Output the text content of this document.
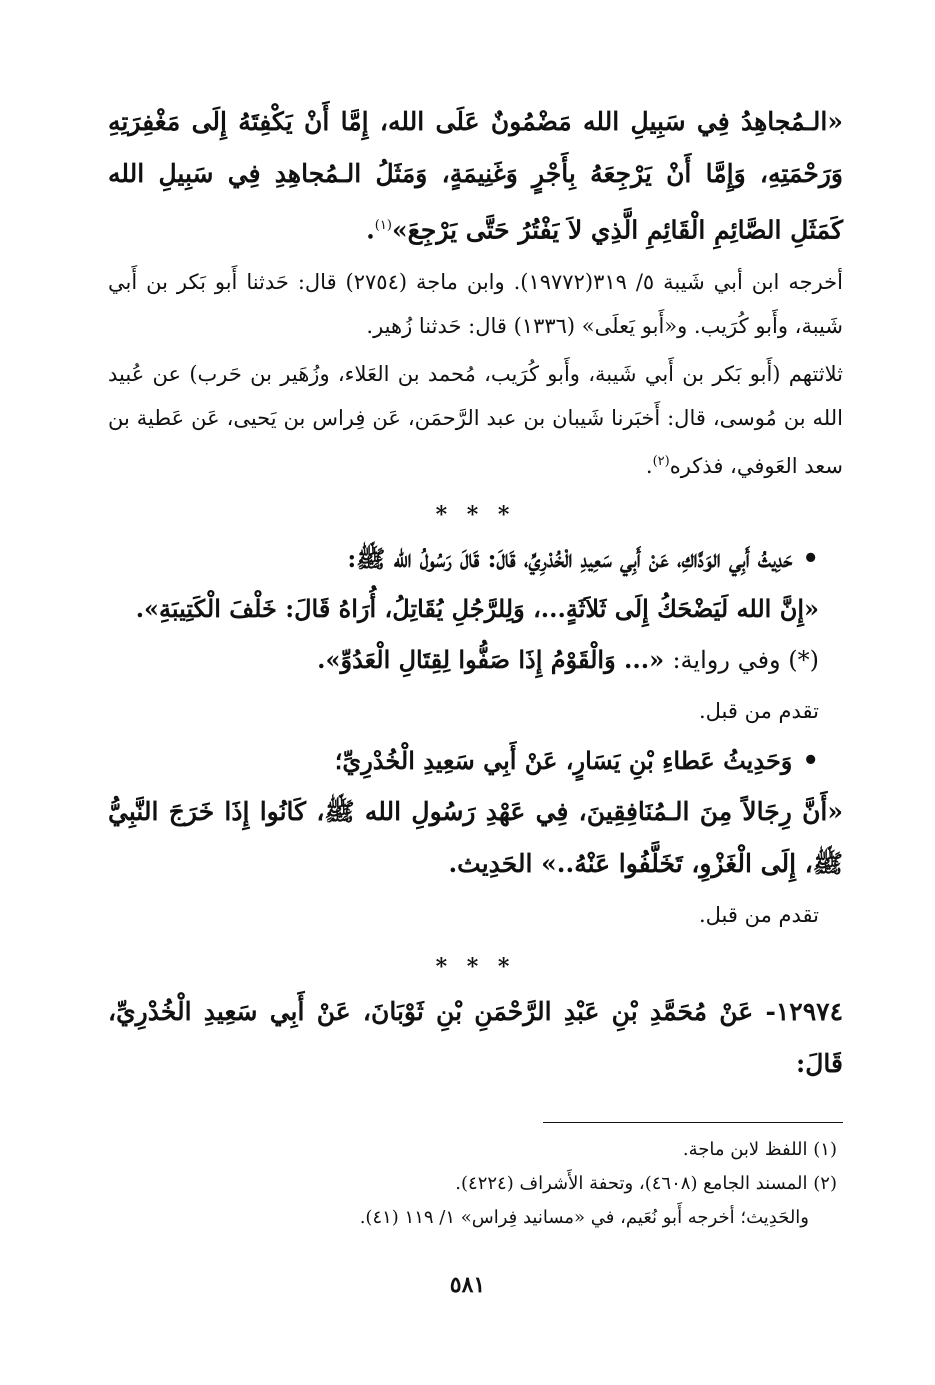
«الـمُجاهِدُ فِي سَبِيلِ الله مَضْمُونٌ عَلَى الله، إِمَّا أَنْ يَكْفِتَهُ إِلَى مَغْفِرَتِهِ وَرَحْمَتِهِ، وَإِمَّا أَنْ يَرْجِعَهُ بِأَجْرٍ وَغَنِيمَةٍ، وَمَثَلُ الـمُجاهِدِ فِي سَبِيلِ الله كَمَثَلِ الصَّائِمِ الْقَائِمِ الَّذِي لاَ يَفْتُرُ حَتَّى يَرْجِعَ»$^{(١)}$.

أخرجه ابن أبي شَيبة ٥/ ٣١٩(١٩٧٧٢). وابن ماجة (٢٧٥٤) قال: حَدثنا أَبو بَكر بن أَبي شَيبة، وأَبو كُرَيب. و«أَبو يَعلَى» (١٣٣٦) قال: حَدثنا زُهير.

ثلاثتهم (أَبو بَكر بن أَبي شَيبة، وأَبو كُرَيب، مُحمد بن العَلاء، وزُهَير بن حَرب) عن عُبيد الله بن مُوسى، قال: أَخبَرنا شَيبان بن عبد الرَّحمَن، عَن فِراس بن يَحيى، عَن عَطية بن سعد العَوفي، فذكره$^{(٢)}$.

* * *

•حَدِيثُ أَبِي الوَدَّاكِ، عَنْ أَبِي سَعِيدِ الْخُدْرِيِّ، قَالَ: قَالَ رَسُولُ الله ﷺ:

«إِنَّ الله لَيَضْحَكُ إِلَى ثَلاَثَةٍ...، وَلِلرَّجُلِ يُقَاتِلُ، أُرَاهُ قَالَ: خَلْفَ الْكَتِيبَةِ».

(*) وفي رواية: «... وَالْقَوْمُ إِذَا صَفُّوا لِقِتَالِ الْعَدُوِّ».

تقدم من قبل.

•وَحَدِيثُ عَطاءِ بْنِ يَسَارٍ، عَنْ أَبِي سَعِيدِ الْخُدْرِيِّ؛

«أَنَّ رِجَالاً مِنَ الـمُنَافِقِينَ، فِي عَهْدِ رَسُولِ الله ﷺ، كَانُوا إِذَا خَرَجَ النَّبِيُّ ﷺ، إِلَى الْغَزْوِ، تَخَلَّفُوا عَنْهُ..» الحَدِيث.

تقدم من قبل.

* * *

١٢٩٧٤- عَنْ مُحَمَّدِ بْنِ عَبْدِ الرَّحْمَنِ بْنِ ثَوْبَانَ، عَنْ أَبِي سَعِيدِ الْخُدْرِيِّ، قَالَ:

(١) اللفظ لابن ماجة.

(٢) المسند الجامع (٤٦٠٨)، وتحفة الأَشراف (٤٢٢٤).

والحَدِيث؛ أخرجه أَبو نُعَيم، في «مسانيد فِراس» ١/ ١١٩ (٤١).

٥٨١
